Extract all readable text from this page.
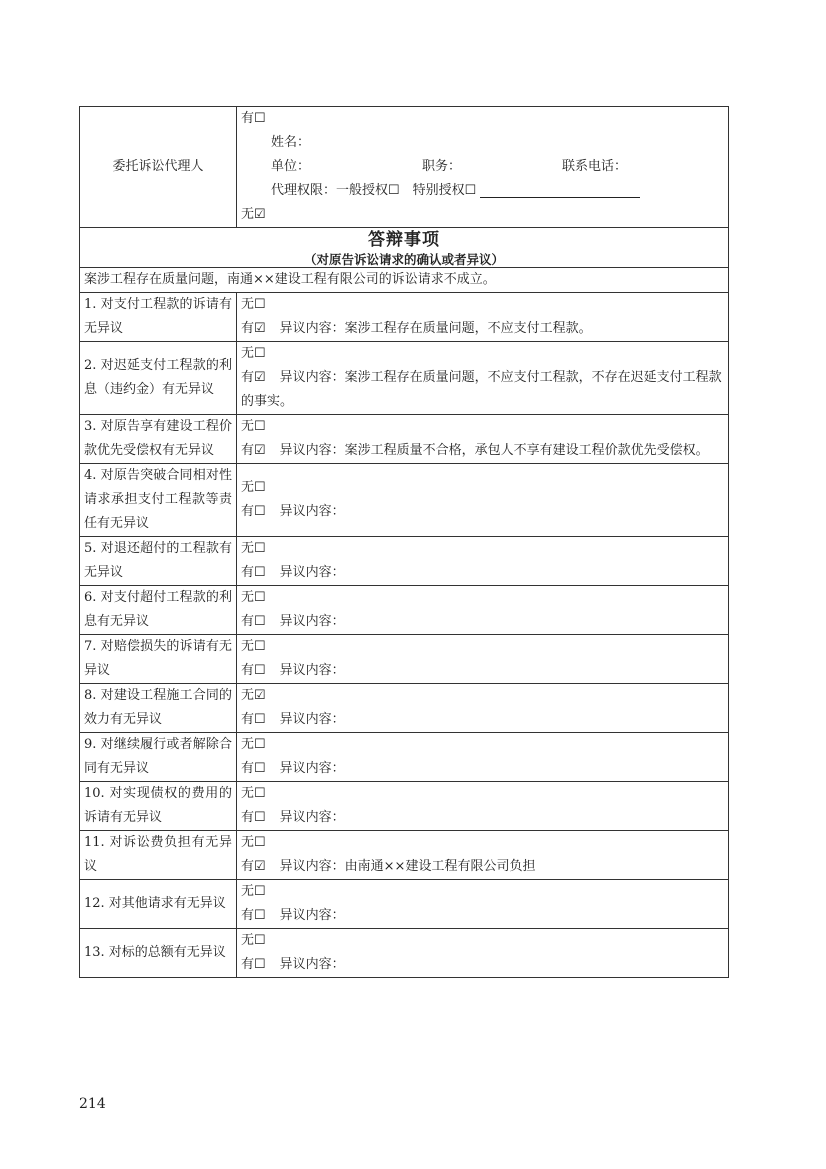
委托诉讼代理人	有☐
姓名：
单位： 职务： 联系电话：
代理权限：一般授权☐　特别授权☐
无☑

答辩事项
（对原告诉讼请求的确认或者异议）	

案涉工程存在质量问题，南通××建设工程有限公司的诉讼请求不成立。	
1. 对支付工程款的诉请有无异议	无☐
有☑ 异议内容：案涉工程存在质量问题，不应支付工程款。

2. 对迟延支付工程款的利息（违约金）有无异议	无☐
有☑ 异议内容：案涉工程存在质量问题，不应支付工程款，不存在迟延支付工程款的事实。

3. 对原告享有建设工程价款优先受偿权有无异议	无☐
有☑ 异议内容：案涉工程质量不合格，承包人不享有建设工程价款优先受偿权。

4. 对原告突破合同相对性请求承担支付工程款等责任有无异议	无☐
有☐ 异议内容：

5. 对退还超付的工程款有无异议	无☐
有☐ 异议内容：

6. 对支付超付工程款的利息有无异议	无☐
有☐ 异议内容：

7. 对赔偿损失的诉请有无异议	无☐
有☐ 异议内容：

8. 对建设工程施工合同的效力有无异议	无☑
有☐ 异议内容：

9. 对继续履行或者解除合同有无异议	无☐
有☐ 异议内容：

10. 对实现债权的费用的诉请有无异议	无☐
有☐ 异议内容：

11. 对诉讼费负担有无异议	无☐
有☑ 异议内容：由南通××建设工程有限公司负担

12. 对其他请求有无异议	无☐
有☐ 异议内容：

13. 对标的总额有无异议	无☐
有☐ 异议内容：
214
